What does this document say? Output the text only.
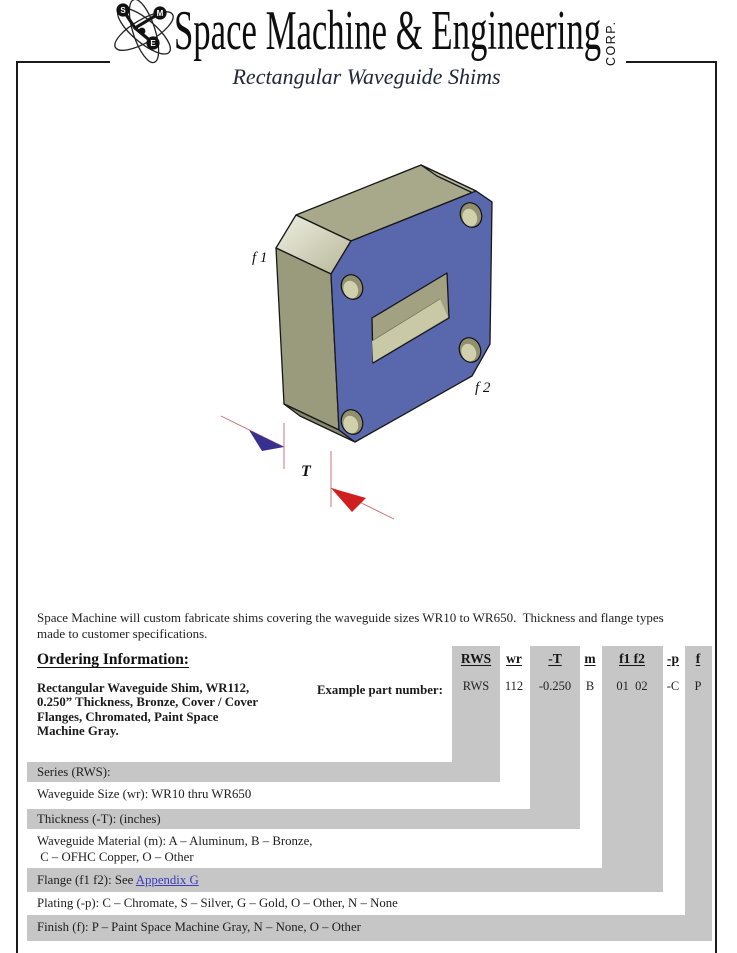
S	M
E Space Machine & Engineering CORP.
Rectangular Waveguide Shims
f 1
f 2
T
Space Machine will custom fabricate shims covering the waveguide sizes WR10 to WR650.  Thickness and flange types
made to customer specifications.
Ordering Information:
Rectangular Waveguide Shim, WR112,
0.250” Thickness, Bronze, Cover / Cover
Flanges, Chromated, Paint Space
Machine Gray.
Example part number:
RWS wr -T m f1 f2 -p f
RWS 112 -0.250 B 01  02 -C P
Series (RWS):
Waveguide Size (wr): WR10 thru WR650
Thickness (-T): (inches)
Waveguide Material (m): A – Aluminum, B – Bronze,
C – OFHC Copper, O – Other
Flange (f1 f2): See Appendix G
Plating (-p): C – Chromate, S – Silver, G – Gold, O – Other, N – None
Finish (f): P – Paint Space Machine Gray, N – None, O – Other
